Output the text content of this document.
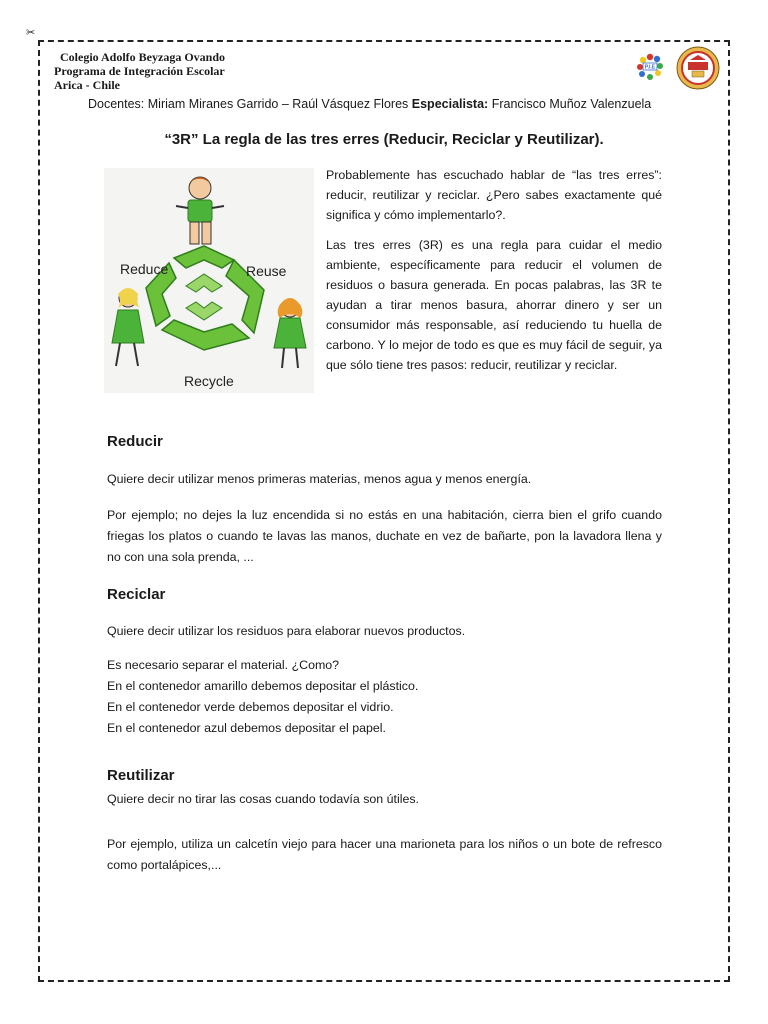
✂
Colegio Adolfo Beyzaga Ovando
Programa de Integración Escolar
Arica - Chile
P.I.E
Docentes: Miriam Miranes Garrido – Raúl Vásquez Flores Especialista: Francisco Muñoz Valenzuela
“3R” La regla de las tres erres (Reducir, Reciclar y Reutilizar).
Reduce	Reuse
Recycle

Probablemente has escuchado hablar de “las tres erres”: reducir, reutilizar y reciclar. ¿Pero sabes exactamente qué significa y cómo implementarlo?.

Las tres erres (3R) es una regla para cuidar el medio ambiente, específicamente para reducir el volumen de residuos o basura generada. En pocas palabras, las 3R te ayudan a tirar menos basura, ahorrar dinero y ser un consumidor más responsable, así reduciendo tu huella de carbono. Y lo mejor de todo es que es muy fácil de seguir, ya que sólo tiene tres pasos: reducir, reutilizar y reciclar.

Reducir

Quiere decir utilizar menos primeras materias, menos agua y menos energía.

Por ejemplo; no dejes la luz encendida si no estás en una habitación, cierra bien el grifo cuando friegas los platos o cuando te lavas las manos, duchate en vez de bañarte, pon la lavadora llena y no con una sola prenda, ...

Reciclar

Quiere decir utilizar los residuos para elaborar nuevos productos.

Es necesario separar el material. ¿Como?
En el contenedor amarillo debemos depositar el plástico.
En el contenedor verde debemos depositar el vidrio.
En el contenedor azul debemos depositar el papel.
Reutilizar

Quiere decir no tirar las cosas cuando todavía son útiles.

Por ejemplo, utiliza un calcetín viejo para hacer una marioneta para los niños o un bote de refresco como portalápices,...
